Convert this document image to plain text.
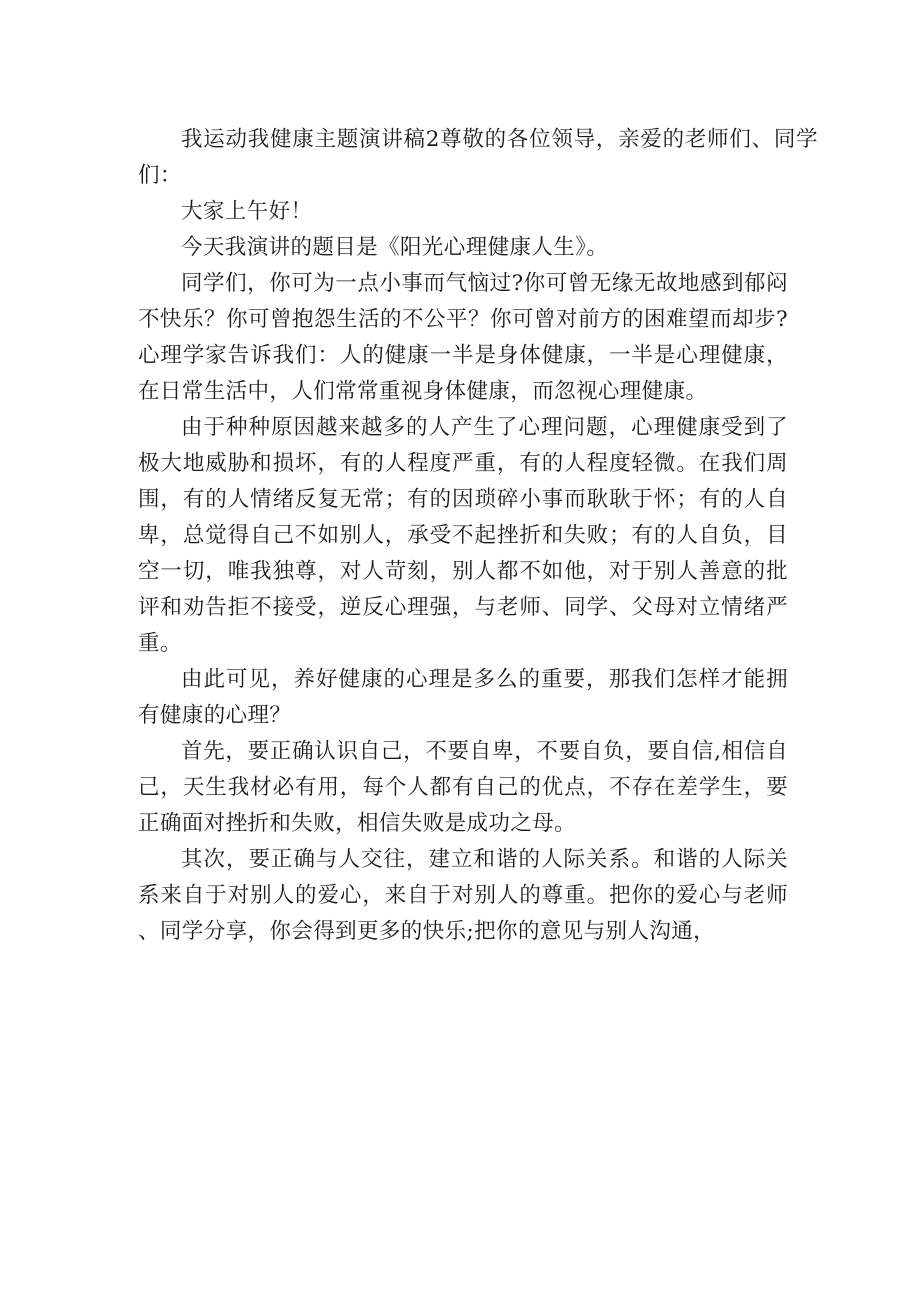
我运动我健康主题演讲稿2尊敬的各位领导，亲爱的老师们、同学们：

大家上午好！

今天我演讲的题目是《阳光心理健康人生》。

同学们，你可为一点小事而气恼过?你可曾无缘无故地感到郁闷不快乐？你可曾抱怨生活的不公平？你可曾对前方的困难望而却步?心理学家告诉我们：人的健康一半是身体健康，一半是心理健康，在日常生活中，人们常常重视身体健康，而忽视心理健康。

由于种种原因越来越多的人产生了心理问题，心理健康受到了极大地威胁和损坏，有的人程度严重，有的人程度轻微。在我们周围，有的人情绪反复无常；有的因琐碎小事而耿耿于怀；有的人自卑，总觉得自己不如别人，承受不起挫折和失败；有的人自负，目空一切，唯我独尊，对人苛刻，别人都不如他，对于别人善意的批评和劝告拒不接受，逆反心理强，与老师、同学、父母对立情绪严重。

由此可见，养好健康的心理是多么的重要，那我们怎样才能拥有健康的心理？

首先，要正确认识自己，不要自卑，不要自负，要自信,相信自己，天生我材必有用，每个人都有自己的优点，不存在差学生，要正确面对挫折和失败，相信失败是成功之母。

其次，要正确与人交往，建立和谐的人际关系。和谐的人际关系来自于对别人的爱心，来自于对别人的尊重。把你的爱心与老师、同学分享，你会得到更多的快乐;把你的意见与别人沟通，
